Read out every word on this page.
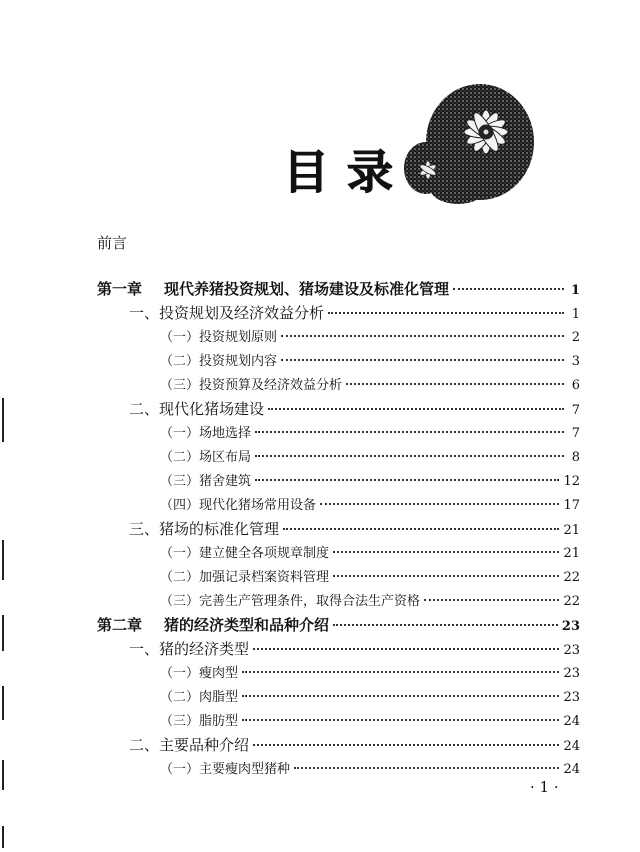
目录
前言
第一章 现代养猪投资规划、猪场建设及标准化管理	1
一、投资规划及经济效益分析	1
（一）投资规划原则	2
（二）投资规划内容	3
（三）投资预算及经济效益分析	6
二、现代化猪场建设	7
（一）场地选择	7
（二）场区布局	8
（三）猪舍建筑	12
（四）现代化猪场常用设备	17
三、猪场的标准化管理	21
（一）建立健全各项规章制度	21
（二）加强记录档案资料管理	22
（三）完善生产管理条件，取得合法生产资格	22
第二章 猪的经济类型和品种介绍	23
一、猪的经济类型	23
（一）瘦肉型	23
（二）肉脂型	23
（三）脂肪型	24
二、主要品种介绍	24
（一）主要瘦肉型猪种	24
· 1 ·
